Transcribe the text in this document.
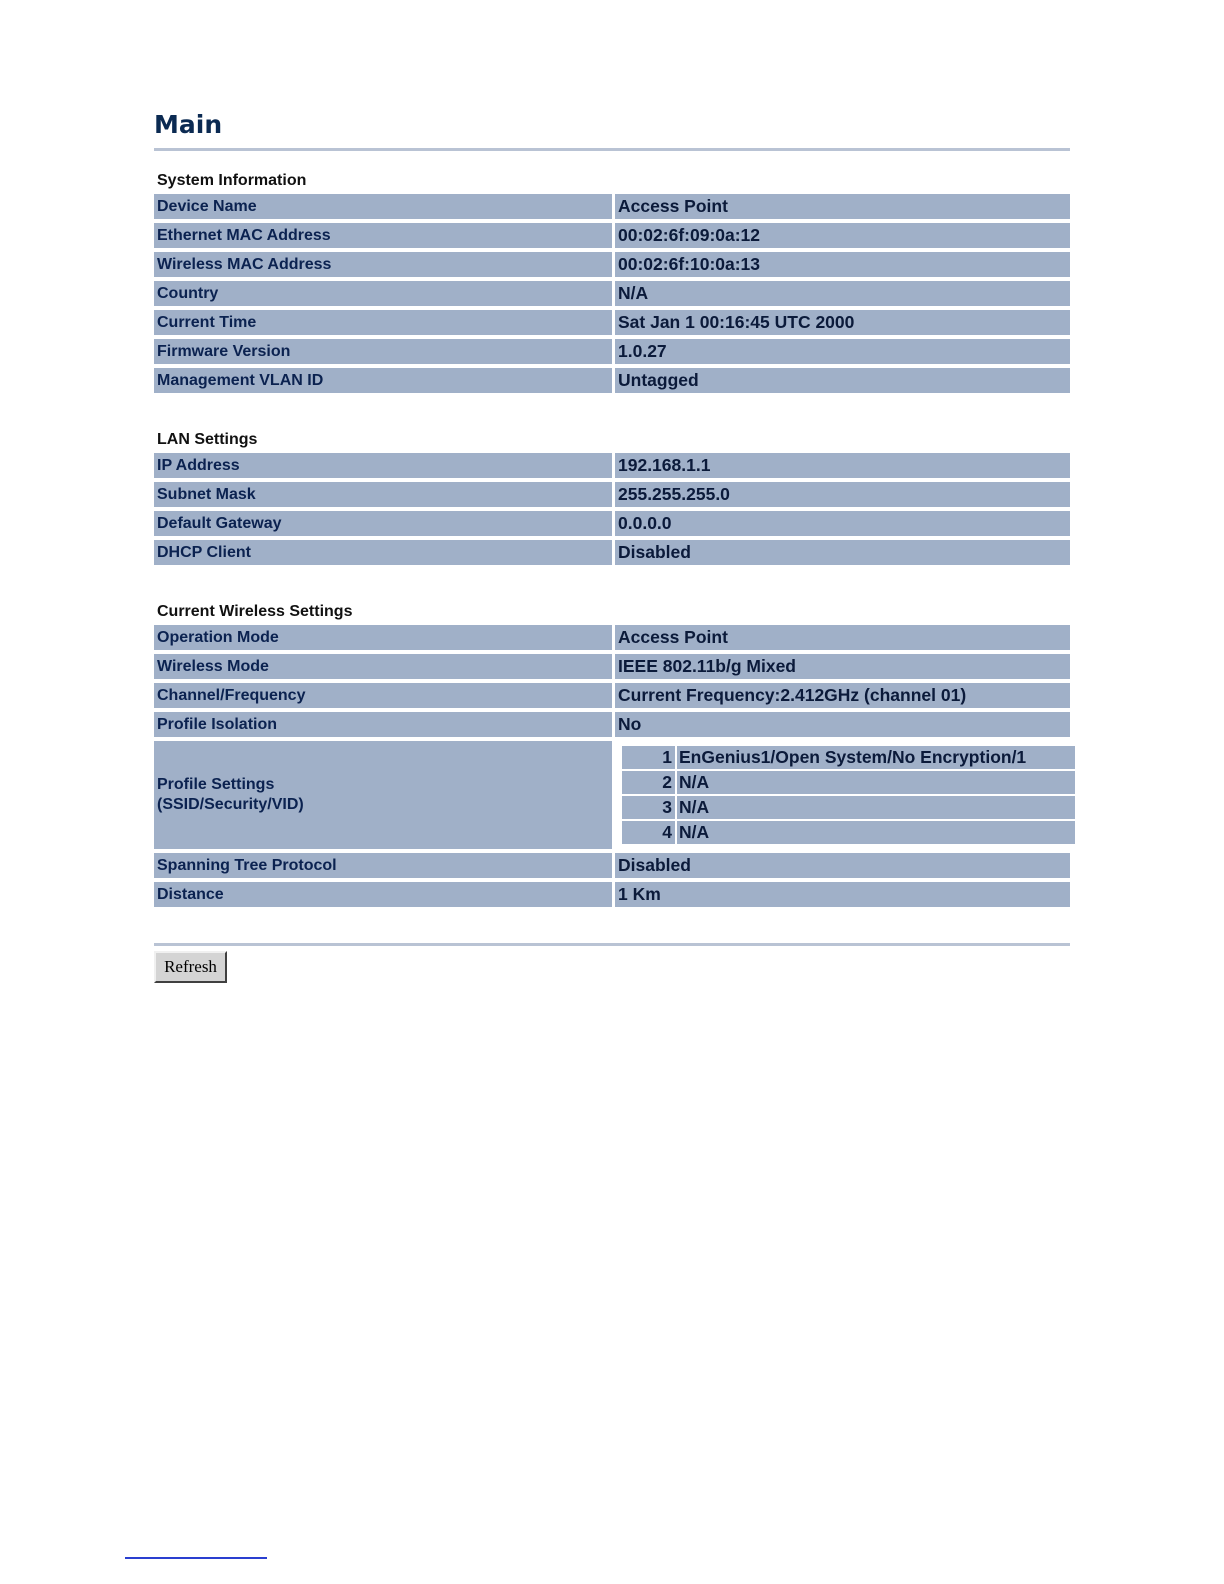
Main
System Information
Device Name	Access Point
Ethernet MAC Address	00:02:6f:09:0a:12
Wireless MAC Address	00:02:6f:10:0a:13
Country	N/A
Current Time	Sat Jan 1 00:16:45 UTC 2000
Firmware Version	1.0.27
Management VLAN ID	Untagged
LAN Settings
IP Address	192.168.1.1
Subnet Mask	255.255.255.0
Default Gateway	0.0.0.0
DHCP Client	Disabled
Current Wireless Settings
Operation Mode	Access Point
Wireless Mode	IEEE 802.11b/g Mixed
Channel/Frequency	Current Frequency:2.412GHz (channel 01)
Profile Isolation	No
Profile Settings
(SSID/Security/VID)	
1	EnGenius1/Open System/No Encryption/1
2	N/A
3	N/A
4	N/A

Spanning Tree Protocol	Disabled
Distance	1 Km
Refresh
